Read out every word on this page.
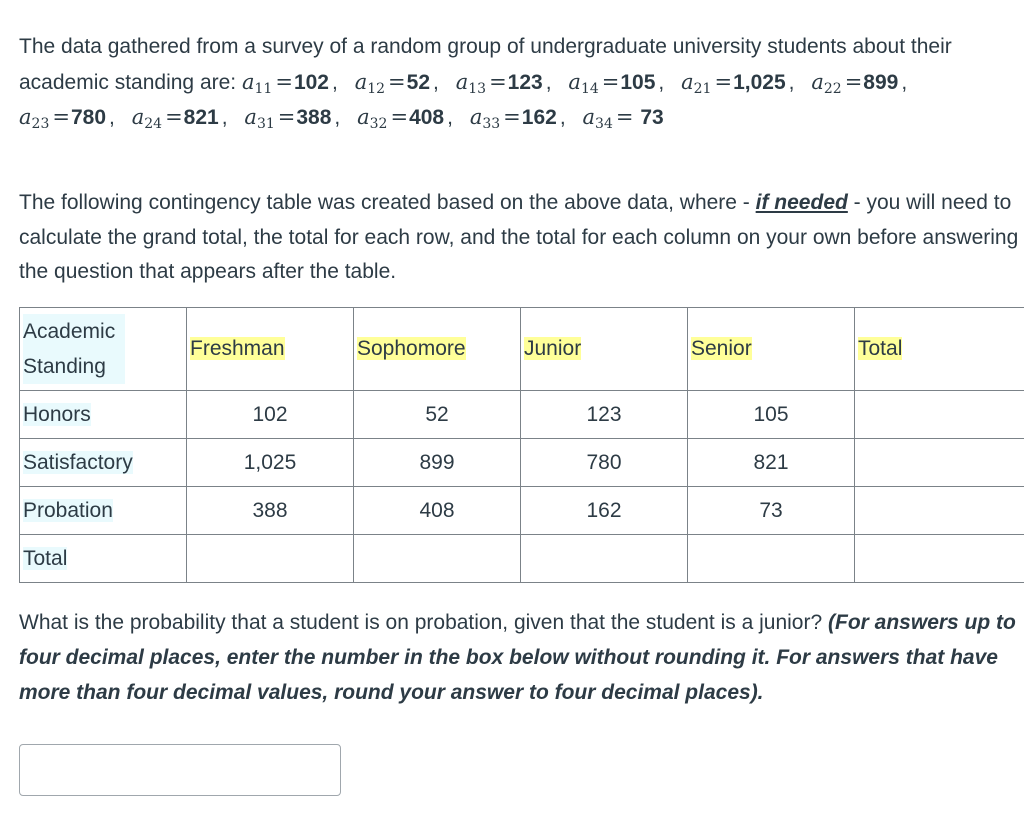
The data gathered from a survey of a random group of undergraduate university students about their academic standing are: $a_{11} =102$ , $a_{12} =52$ , $a_{13} =123$ , $a_{14} =105$ , $a_{21} =1,025$ , $a_{22} =899$ , $a_{23} =780$ , $a_{24} =821$ , $a_{31} =388$ , $a_{32} =408$ , $a_{33} =162$ , $a_{34} = 73$
The following contingency table was created based on the above data, where - if needed - you will need to calculate the grand total, the total for each row, and the total for each column on your own before answering the question that appears after the table.
Academic Standing	Freshman	Sophomore	Junior	Senior	Total
Honors	102	52	123	105	
Satisfactory	1,025	899	780	821	
Probation	388	408	162	73	
Total					
What is the probability that a student is on probation, given that the student is a junior? (For answers up to four decimal places, enter the number in the box below without rounding it. For answers that have more than four decimal values, round your answer to four decimal places).
